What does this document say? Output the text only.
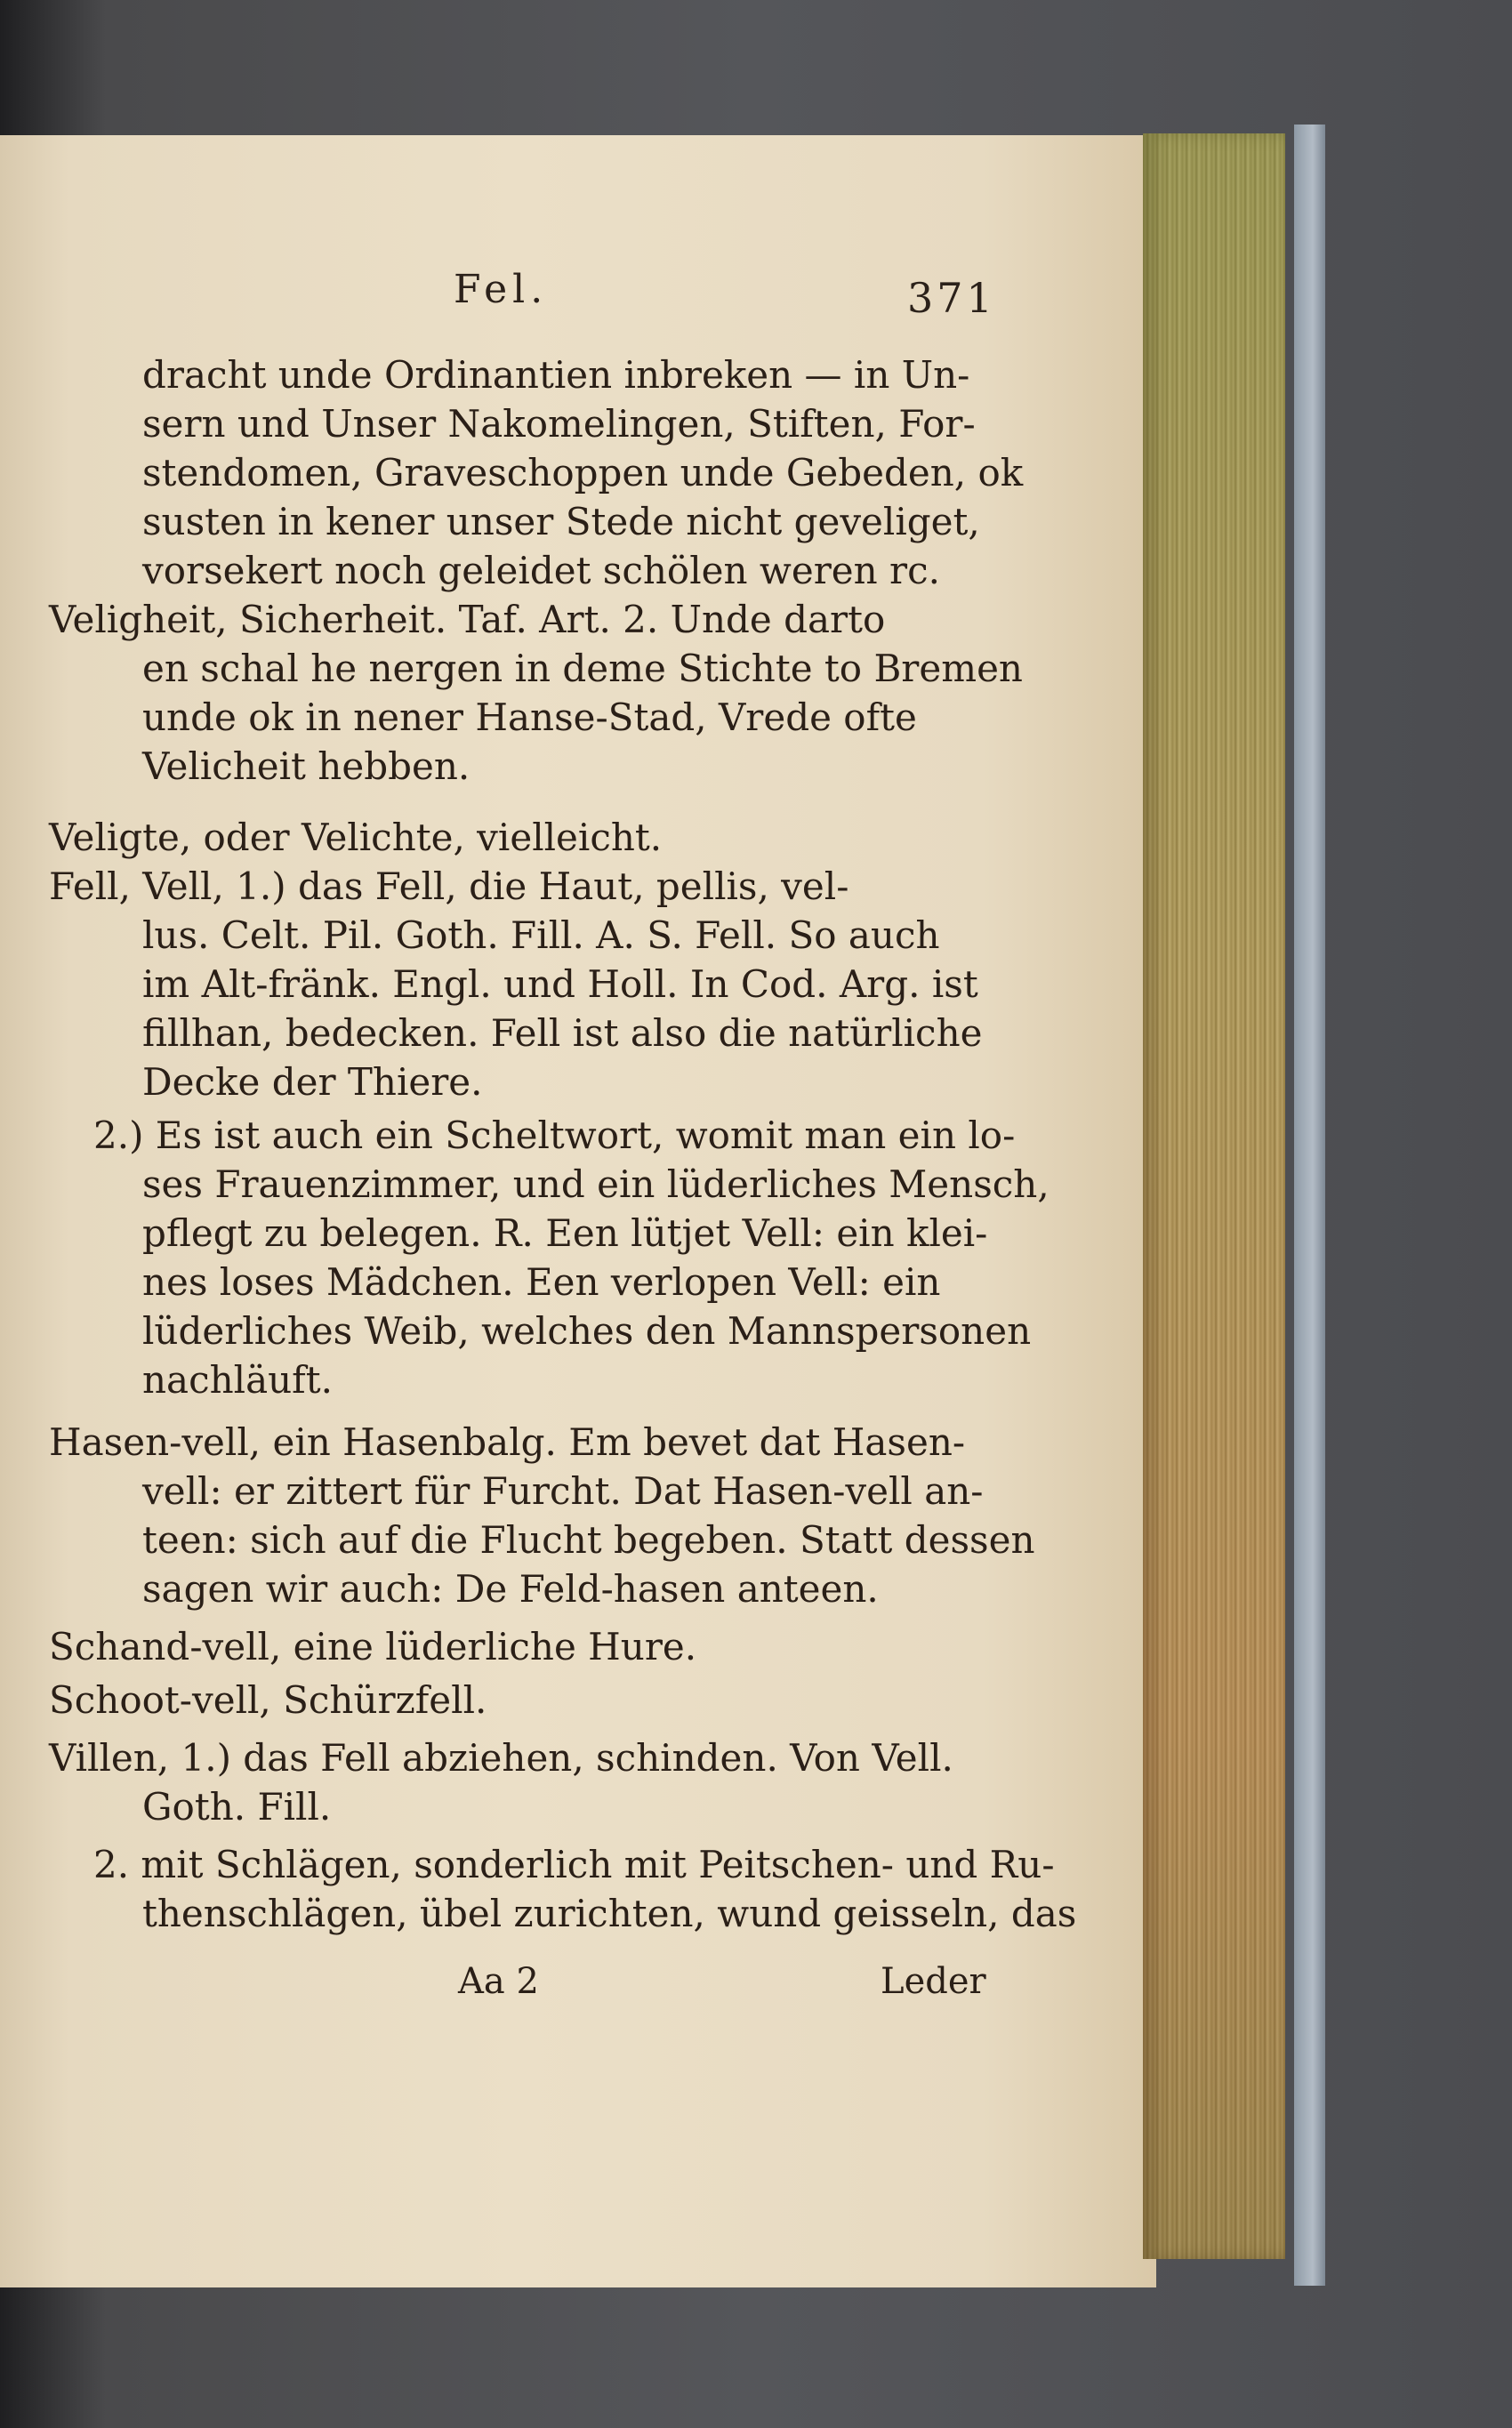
Fel.	371
dracht unde Ordinantien inbreken — in Un-
sern und Unser Nakomelingen, Stiften, For-
stendomen, Graveschoppen unde Gebeden, ok
susten in kener unser Stede nicht geveliget,
vorsekert noch geleidet schölen weren rc.
Veligheit, Sicherheit. Taf. Art. 2. Unde darto
en schal he nergen in deme Stichte to Bremen
unde ok in nener Hanse-Stad, Vrede ofte
Velicheit hebben.
Veligte, oder Velichte, vielleicht.
Fell, Vell, 1.) das Fell, die Haut, pellis, vel-
lus. Celt. Pil. Goth. Fill. A. S. Fell. So auch
im Alt-fränk. Engl. und Holl. In Cod. Arg. ist
fillhan, bedecken. Fell ist also die natürliche
Decke der Thiere.
2.) Es ist auch ein Scheltwort, womit man ein lo-
ses Frauenzimmer, und ein lüderliches Mensch,
pflegt zu belegen. R. Een lütjet Vell: ein klei-
nes loses Mädchen. Een verlopen Vell: ein
lüderliches Weib, welches den Mannspersonen
nachläuft.
Hasen-vell, ein Hasenbalg. Em bevet dat Hasen-
vell: er zittert für Furcht. Dat Hasen-vell an-
teen: sich auf die Flucht begeben. Statt dessen
sagen wir auch: De Feld-hasen anteen.
Schand-vell, eine lüderliche Hure.
Schoot-vell, Schürzfell.
Villen, 1.) das Fell abziehen, schinden. Von Vell.
Goth. Fill.
2. mit Schlägen, sonderlich mit Peitschen- und Ru-
thenschlägen, übel zurichten, wund geisseln, das
Aa 2	Leder
